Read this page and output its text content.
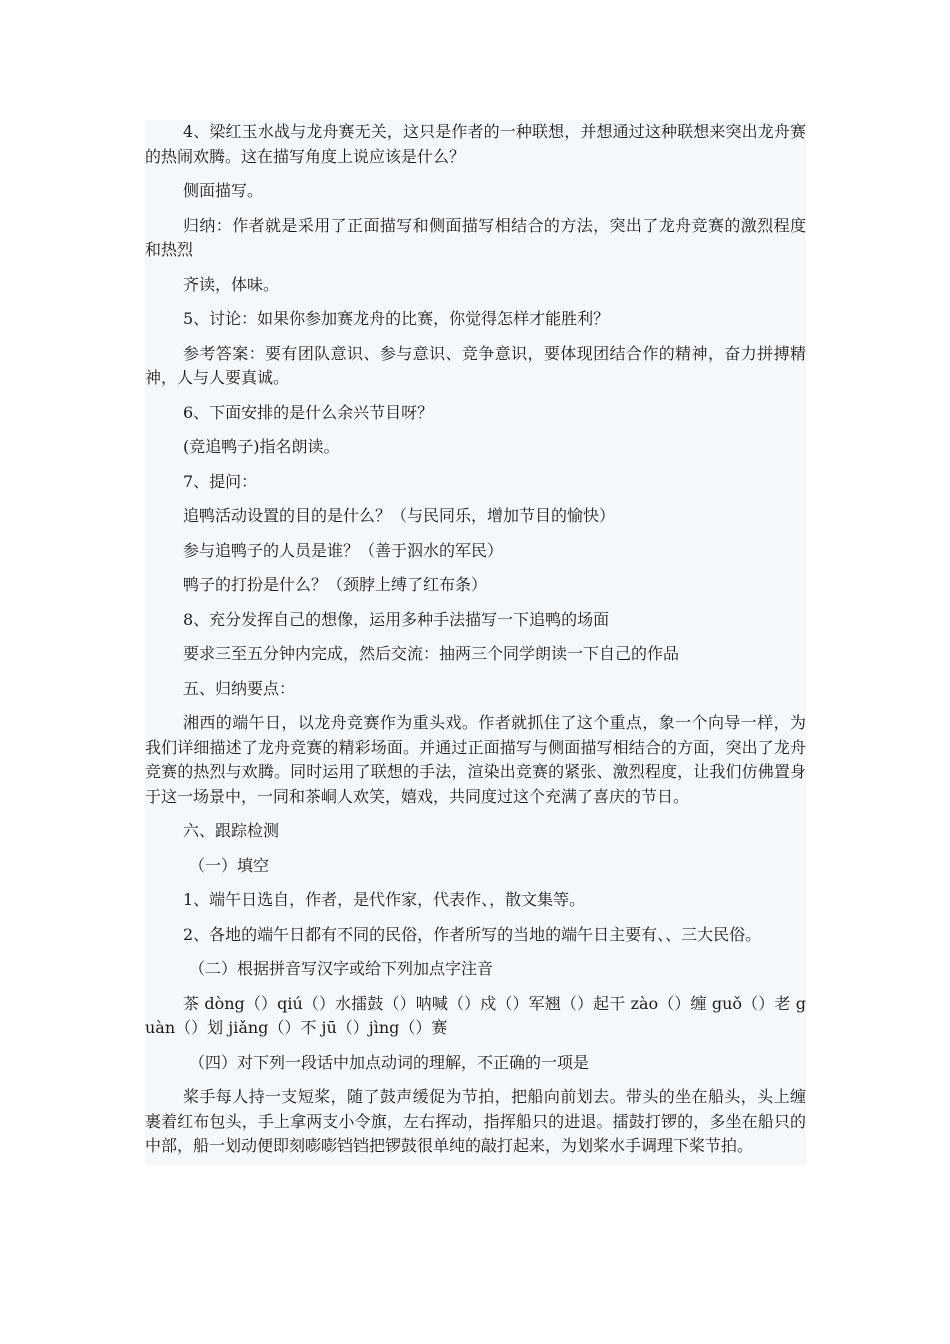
4、梁红玉水战与龙舟赛无关，这只是作者的一种联想，并想通过这种联想来突出龙舟赛的热闹欢腾。这在描写角度上说应该是什么？

侧面描写。

归纳：作者就是采用了正面描写和侧面描写相结合的方法，突出了龙舟竞赛的激烈程度和热烈

齐读，体味。

5、讨论：如果你参加赛龙舟的比赛，你觉得怎样才能胜利？

参考答案：要有团队意识、参与意识、竞争意识，要体现团结合作的精神，奋力拼搏精神，人与人要真诚。

6、下面安排的是什么余兴节目呀？

(竞追鸭子)指名朗读。

7、提问：

追鸭活动设置的目的是什么？（与民同乐，增加节目的愉快）

参与追鸭子的人员是谁？（善于泅水的军民）

鸭子的打扮是什么？（颈脖上缚了红布条）

8、充分发挥自己的想像，运用多种手法描写一下追鸭的场面

要求三至五分钟内完成，然后交流：抽两三个同学朗读一下自己的作品

五、归纳要点：

湘西的端午日，以龙舟竞赛作为重头戏。作者就抓住了这个重点，象一个向导一样，为我们详细描述了龙舟竞赛的精彩场面。并通过正面描写与侧面描写相结合的方面，突出了龙舟竞赛的热烈与欢腾。同时运用了联想的手法，渲染出竞赛的紧张、激烈程度，让我们仿佛置身于这一场景中，一同和茶峒人欢笑，嬉戏，共同度过这个充满了喜庆的节日。

六、跟踪检测

（一）填空

1、端午日选自，作者，是代作家，代表作、，散文集等。

2、各地的端午日都有不同的民俗，作者所写的当地的端午日主要有、、三大民俗。

（二）根据拼音写汉字或给下列加点字注音

茶 dòng（）qiú（）水擂鼓（）呐喊（）戍（）军翘（）起干 zào（）缠 guǒ（）老 guàn（）划 jiǎng（）不 jū（）jìng（）赛

（四）对下列一段话中加点动词的理解，不正确的一项是

桨手每人持一支短桨，随了鼓声缓促为节拍，把船向前划去。带头的坐在船头，头上缠裹着红布包头，手上拿两支小令旗，左右挥动，指挥船只的进退。擂鼓打锣的，多坐在船只的中部，船一划动便即刻嘭嘭铛铛把锣鼓很单纯的敲打起来，为划桨水手调理下桨节拍。
